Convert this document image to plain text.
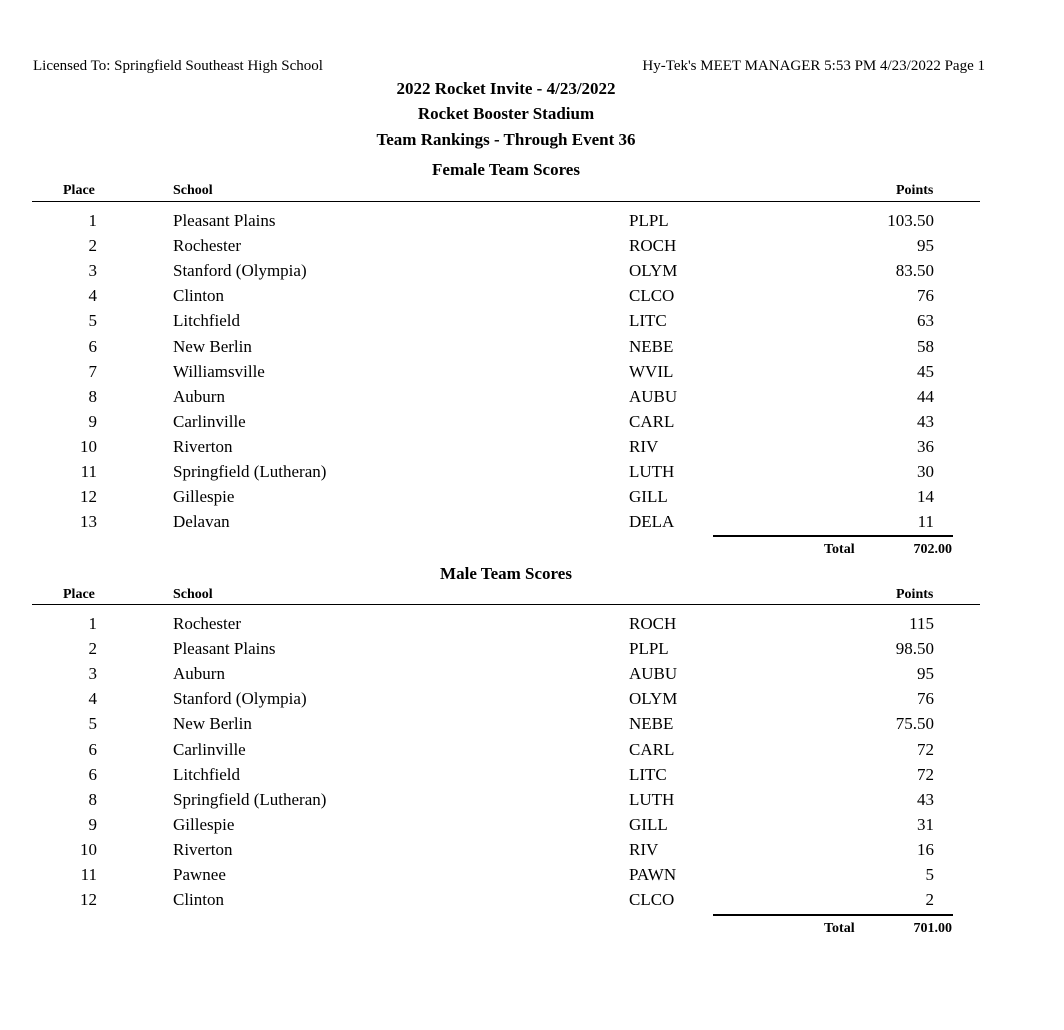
Licensed To: Springfield Southeast High School	Hy-Tek's MEET MANAGER 5:53 PM 4/23/2022 Page 1
2022 Rocket Invite - 4/23/2022
Rocket Booster Stadium
Team Rankings - Through Event 36
Female Team Scores
Place	School	Points
1	Pleasant Plains	PLPL	103.50
2	Rochester	ROCH	95
3	Stanford (Olympia)	OLYM	83.50
4	Clinton	CLCO	76
5	Litchfield	LITC	63
6	New Berlin	NEBE	58
7	Williamsville	WVIL	45
8	Auburn	AUBU	44
9	Carlinville	CARL	43
10	Riverton	RIV	36
11	Springfield (Lutheran)	LUTH	30
12	Gillespie	GILL	14
13	Delavan	DELA	11
Total	702.00
Male Team Scores
Place	School	Points
1	Rochester	ROCH	115
2	Pleasant Plains	PLPL	98.50
3	Auburn	AUBU	95
4	Stanford (Olympia)	OLYM	76
5	New Berlin	NEBE	75.50
6	Carlinville	CARL	72
6	Litchfield	LITC	72
8	Springfield (Lutheran)	LUTH	43
9	Gillespie	GILL	31
10	Riverton	RIV	16
11	Pawnee	PAWN	5
12	Clinton	CLCO	2
Total	701.00
